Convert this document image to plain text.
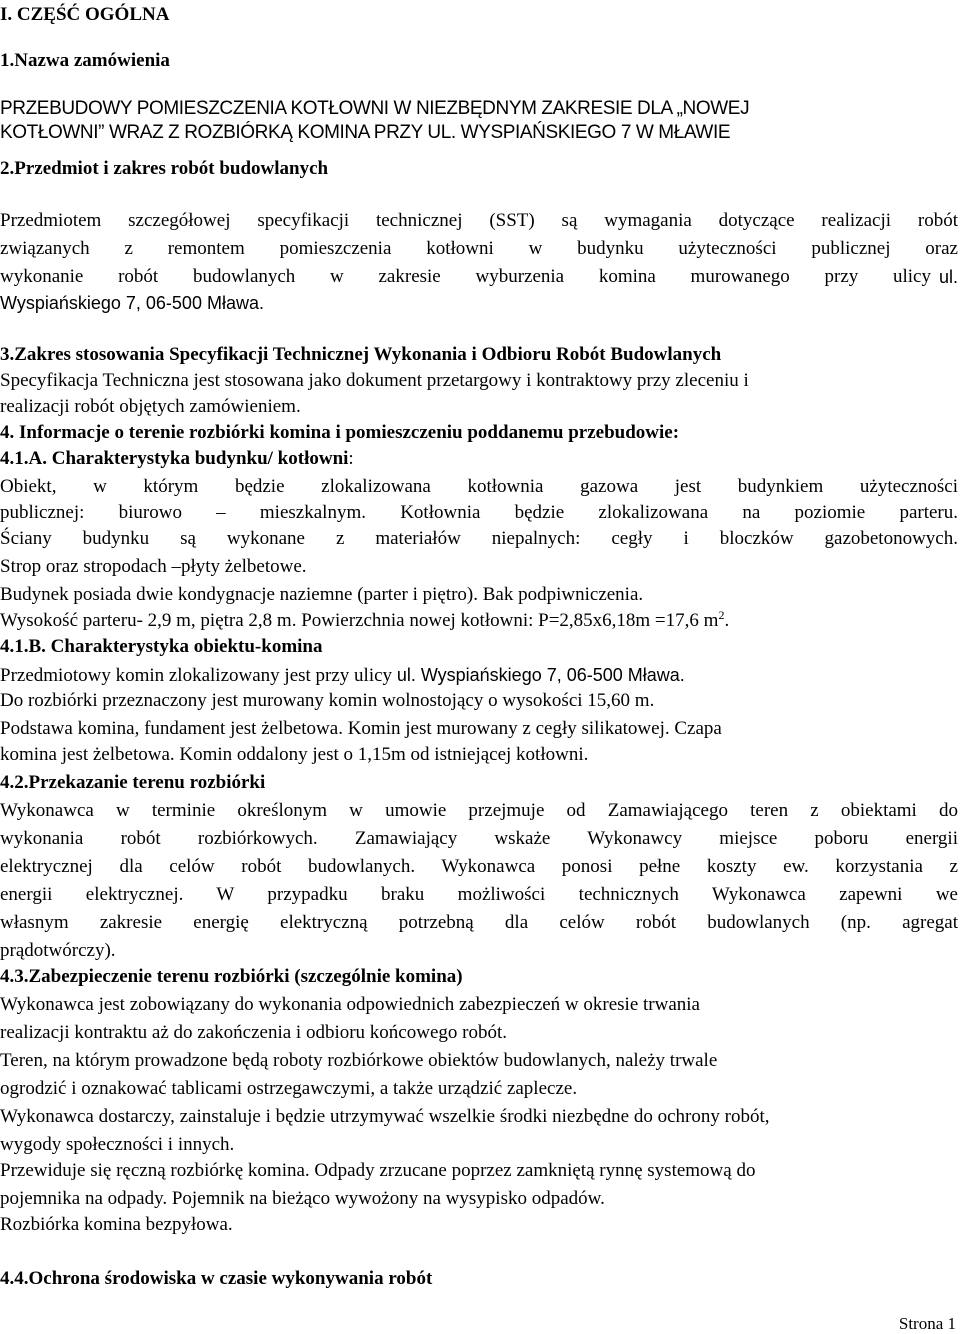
I. CZĘŚĆ OGÓLNA
1.Nazwa zamówienia
PRZEBUDOWY POMIESZCZENIA KOTŁOWNI W NIEZBĘDNYM ZAKRESIE DLA „NOWEJ
KOTŁOWNI” WRAZ Z ROZBIÓRKĄ KOMINA PRZY UL. WYSPIAŃSKIEGO 7 W MŁAWIE
2.Przedmiot i zakres robót budowlanych
Przedmiotem szczegółowej specyfikacji technicznej (SST) są wymagania dotyczące realizacji robót
związanych z remontem pomieszczenia kotłowni w budynku użyteczności publicznej oraz
wykonanie robót budowlanych w zakresie wyburzenia komina murowanego przy ulicy ul.
Wyspiańskiego 7, 06-500 Mława.
3.Zakres stosowania Specyfikacji Technicznej Wykonania i Odbioru Robót Budowlanych
Specyfikacja Techniczna jest stosowana jako dokument przetargowy i kontraktowy przy zleceniu i
realizacji robót objętych zamówieniem.
4. Informacje o terenie rozbiórki komina i pomieszczeniu poddanemu przebudowie:
4.1.A. Charakterystyka budynku/ kotłowni:
Obiekt, w którym będzie zlokalizowana kotłownia gazowa jest budynkiem użyteczności
publicznej: biurowo – mieszkalnym. Kotłownia będzie zlokalizowana na poziomie parteru.
Ściany budynku są wykonane z materiałów niepalnych: cegły i bloczków gazobetonowych.
Strop oraz stropodach –płyty żelbetowe.
Budynek posiada dwie kondygnacje naziemne (parter i piętro). Bak podpiwniczenia.
Wysokość parteru- 2,9 m, piętra 2,8 m. Powierzchnia nowej kotłowni: P=2,85x6,18m =17,6 $m^2$.
4.1.B. Charakterystyka obiektu-komina
Przedmiotowy komin zlokalizowany jest przy ulicy ul. Wyspiańskiego 7, 06-500 Mława.
Do rozbiórki przeznaczony jest murowany komin wolnostojący o wysokości 15,60 m.
Podstawa komina, fundament jest żelbetowa. Komin jest murowany z cegły silikatowej. Czapa
komina jest żelbetowa. Komin oddalony jest o 1,15m od istniejącej kotłowni.
4.2.Przekazanie terenu rozbiórki
Wykonawca w terminie określonym w umowie przejmuje od Zamawiającego teren z obiektami do
wykonania robót rozbiórkowych. Zamawiający wskaże Wykonawcy miejsce poboru energii
elektrycznej dla celów robót budowlanych. Wykonawca ponosi pełne koszty ew. korzystania z
energii elektrycznej. W przypadku braku możliwości technicznych Wykonawca zapewni we
własnym zakresie energię elektryczną potrzebną dla celów robót budowlanych (np. agregat
prądotwórczy).
4.3.Zabezpieczenie terenu rozbiórki (szczególnie komina)
Wykonawca jest zobowiązany do wykonania odpowiednich zabezpieczeń w okresie trwania
realizacji kontraktu aż do zakończenia i odbioru końcowego robót.
Teren, na którym prowadzone będą roboty rozbiórkowe obiektów budowlanych, należy trwale
ogrodzić i oznakować tablicami ostrzegawczymi, a także urządzić zaplecze.
Wykonawca dostarczy, zainstaluje i będzie utrzymywać wszelkie środki niezbędne do ochrony robót,
wygody społeczności i innych.
Przewiduje się ręczną rozbiórkę komina. Odpady zrzucane poprzez zamkniętą rynnę systemową do
pojemnika na odpady. Pojemnik na bieżąco wywożony na wysypisko odpadów.
Rozbiórka komina bezpyłowa.
4.4.Ochrona środowiska w czasie wykonywania robót
Strona 1
